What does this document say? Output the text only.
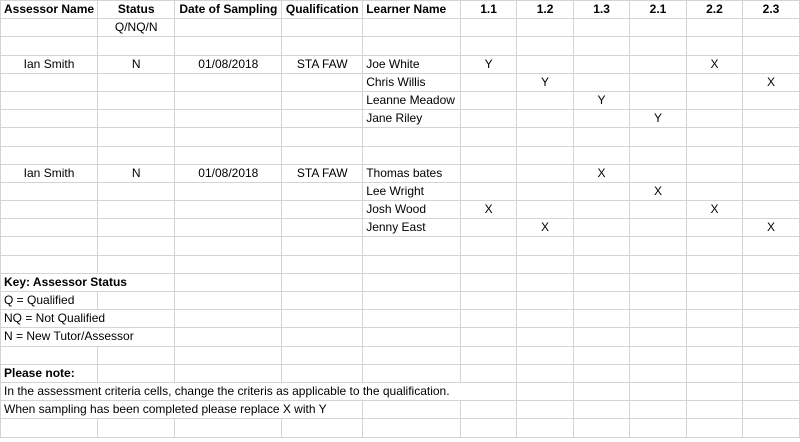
Assessor Name	Status	Date of Sampling	Qualification	Learner Name	1.1	1.2	1.3	2.1	2.2	2.3
	Q/NQ/N									

Ian Smith	N	01/08/2018	STA FAW	Joe White	Y				X	
				Chris Willis		Y				X
				Leanne Meadow			Y			
				Jane Riley				Y		

Ian Smith	N	01/08/2018	STA FAW	Thomas bates			X			
				Lee Wright				X		
				Josh Wood	X				X	
				Jenny East		X				X

Key: Assessor Status										
Q = Qualified										
NQ = Not Qualified										
N = New Tutor/Assessor										

Please note:										
In the assessment criteria cells, change the criteris as applicable to the qualification.										
When sampling has been completed please replace X with Y										
